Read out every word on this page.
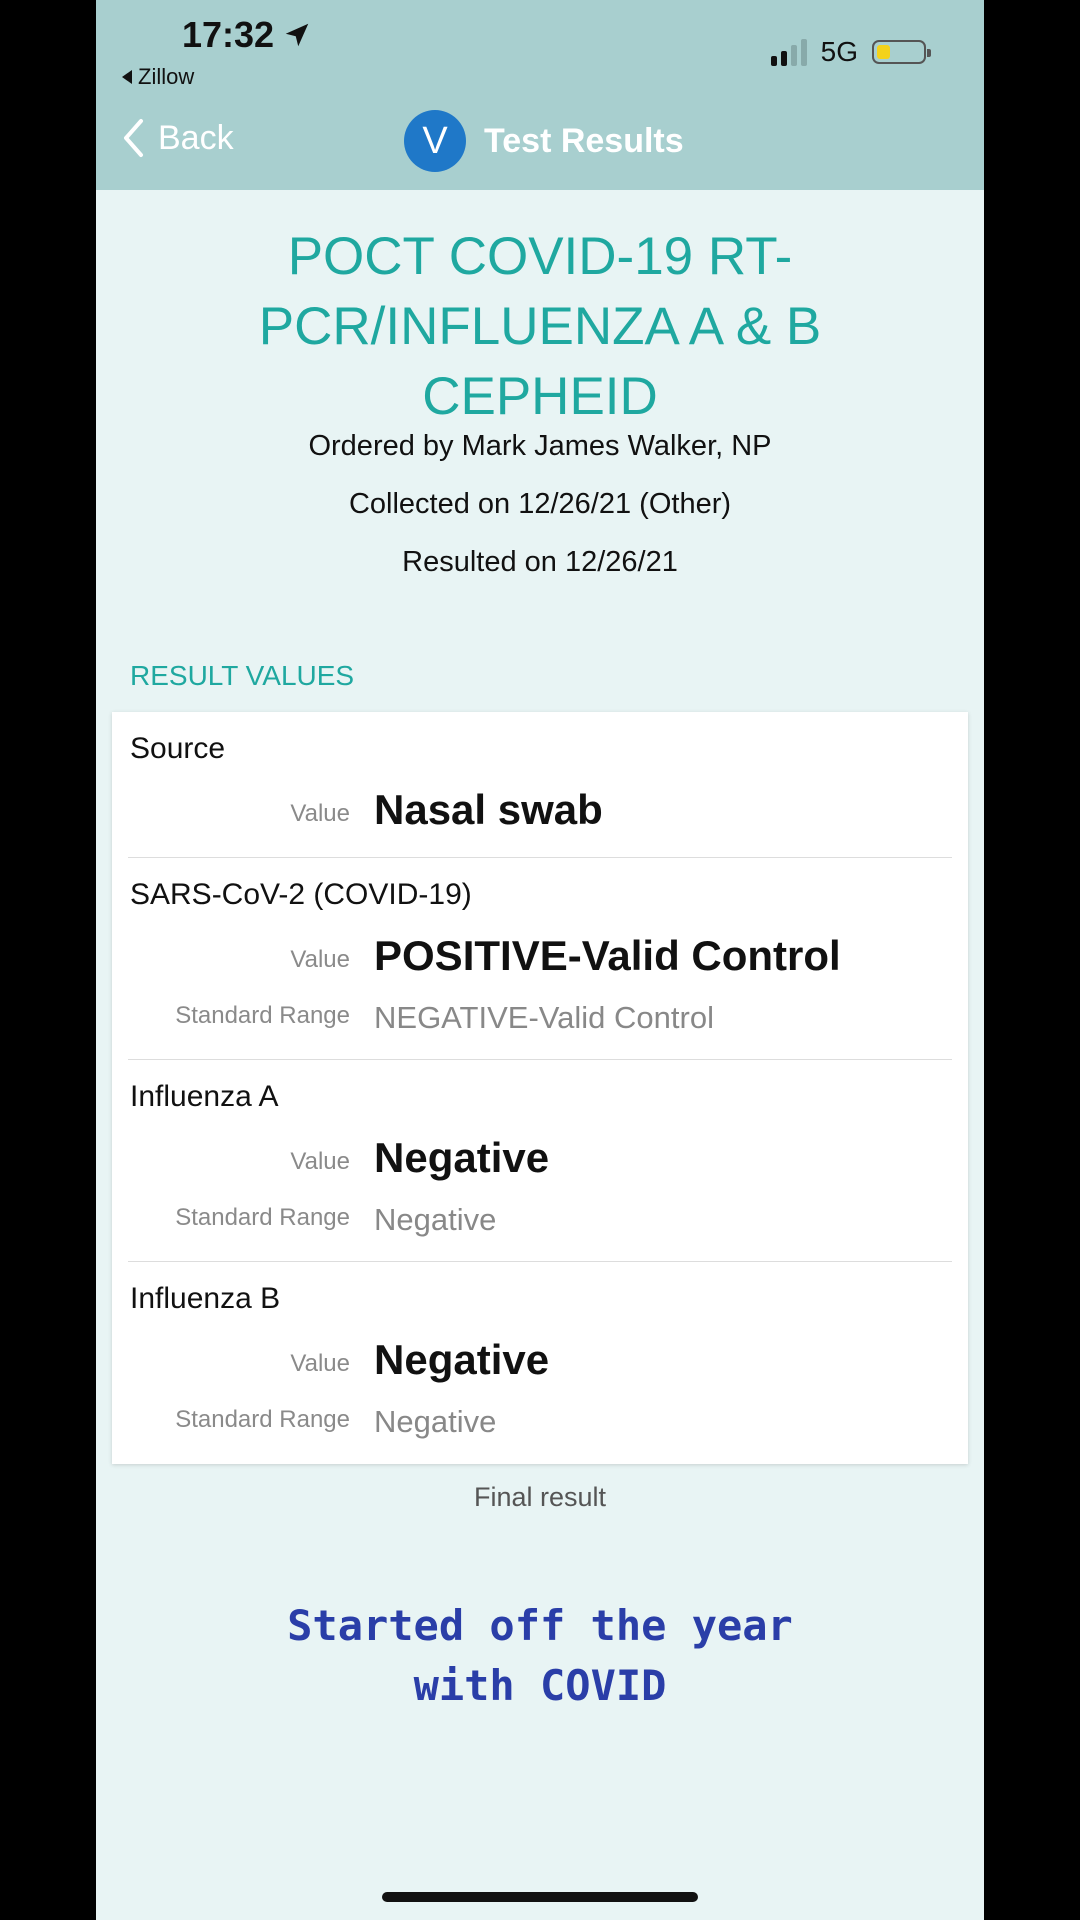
17:32
Zillow
5G
Back	V	Test Results
POCT COVID-19 RT-PCR/INFLUENZA A & B CEPHEID
Ordered by Mark James Walker, NP
Collected on 12/26/21 (Other)
Resulted on 12/26/21
RESULT VALUES
Source
Value Nasal swab
SARS-CoV-2 (COVID-19)
Value POSITIVE-Valid Control
Standard Range NEGATIVE-Valid Control
Influenza A
Value Negative
Standard Range Negative
Influenza B
Value Negative
Standard Range Negative
Final result
Started off the year
with COVID
